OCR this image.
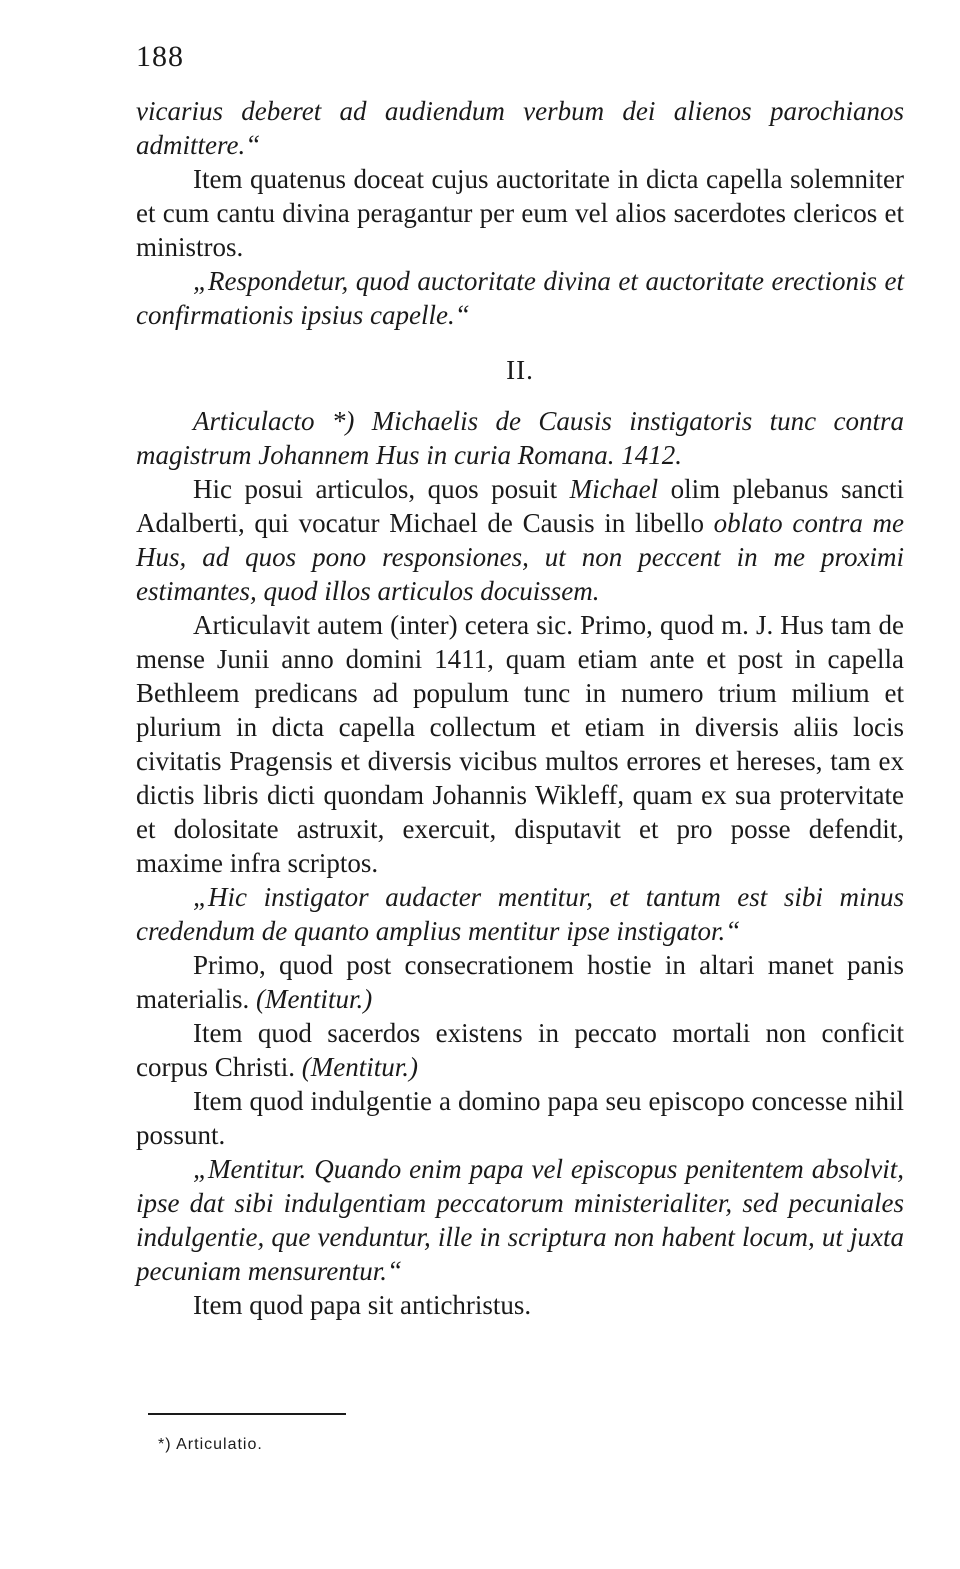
188

vicarius deberet ad audiendum verbum dei alienos parochianos admittere.“

Item quatenus doceat cujus auctoritate in dicta capella solemniter et cum cantu divina peragantur per eum vel alios sacerdotes clericos et ministros.

„Respondetur, quod auctoritate divina et auctoritate erectionis et confirmationis ipsius capelle.“

II.

Articulacto *) Michaelis de Causis instigatoris tunc contra magistrum Johannem Hus in curia Romana. 1412.

Hic posui articulos, quos posuit Michael olim plebanus sancti Adalberti, qui vocatur Michael de Causis in libello oblato contra me Hus, ad quos pono responsiones, ut non peccent in me proximi estimantes, quod illos articulos docuissem.

Articulavit autem (inter) cetera sic. Primo, quod m. J. Hus tam de mense Junii anno domini 1411, quam etiam ante et post in capella Bethleem predicans ad populum tunc in numero trium milium et plurium in dicta capella collectum et etiam in diversis aliis locis civitatis Pragensis et diversis vicibus multos errores et hereses, tam ex dictis libris dicti quondam Johannis Wikleff, quam ex sua protervitate et dolositate astruxit, exercuit, disputavit et pro posse defendit, maxime infra scriptos.

„Hic instigator audacter mentitur, et tantum est sibi minus credendum de quanto amplius mentitur ipse instigator.“

Primo, quod post consecrationem hostie in altari manet panis materialis. (Mentitur.)

Item quod sacerdos existens in peccato mortali non conficit corpus Christi. (Mentitur.)

Item quod indulgentie a domino papa seu episcopo concesse nihil possunt.

„Mentitur. Quando enim papa vel episcopus penitentem absolvit, ipse dat sibi indulgentiam peccatorum ministerialiter, sed pecuniales indulgentie, que venduntur, ille in scriptura non habent locum, ut juxta pecuniam mensurentur.“

Item quod papa sit antichristus.

*) Articulatio.
